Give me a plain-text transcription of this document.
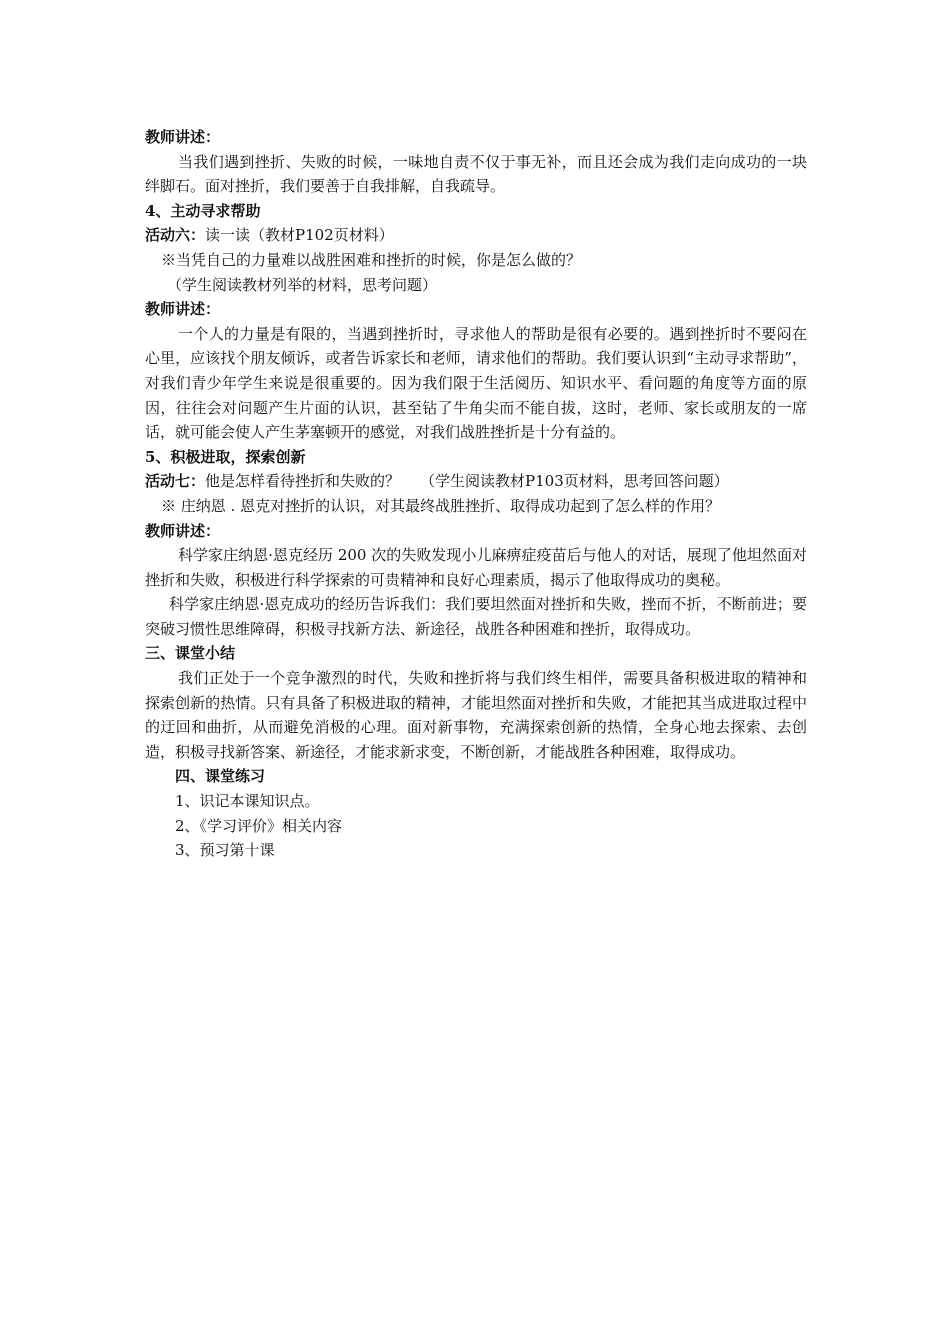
教师讲述：
当我们遇到挫折、失败的时候，一味地自责不仅于事无补，而且还会成为我们走向成功的一块绊脚石。面对挫折，我们要善于自我排解，自我疏导。
4、主动寻求帮助
活动六：读一读（教材P102页材料）
※当凭自己的力量难以战胜困难和挫折的时候，你是怎么做的？
（学生阅读教材列举的材料，思考问题）
教师讲述：
一个人的力量是有限的，当遇到挫折时，寻求他人的帮助是很有必要的。遇到挫折时不要闷在心里，应该找个朋友倾诉，或者告诉家长和老师，请求他们的帮助。我们要认识到“主动寻求帮助”，对我们青少年学生来说是很重要的。因为我们限于生活阅历、知识水平、看问题的角度等方面的原因，往往会对问题产生片面的认识，甚至钻了牛角尖而不能自拔，这时，老师、家长或朋友的一席话，就可能会使人产生茅塞顿开的感觉，对我们战胜挫折是十分有益的。
5、积极进取，探索创新
活动七：他是怎样看待挫折和失败的？ （学生阅读教材P103页材料，思考回答问题）
※ 庄纳恩 . 恩克对挫折的认识，对其最终战胜挫折、取得成功起到了怎么样的作用？
教师讲述：
科学家庄纳恩·恩克经历 200 次的失败发现小儿麻痹症疫苗后与他人的对话，展现了他坦然面对挫折和失败，积极进行科学探索的可贵精神和良好心理素质，揭示了他取得成功的奥秘。
科学家庄纳恩·恩克成功的经历告诉我们：我们要坦然面对挫折和失败，挫而不折，不断前进；要突破习惯性思维障碍，积极寻找新方法、新途径，战胜各种困难和挫折，取得成功。
三、课堂小结
我们正处于一个竞争激烈的时代，失败和挫折将与我们终生相伴，需要具备积极进取的精神和探索创新的热情。只有具备了积极进取的精神，才能坦然面对挫折和失败，才能把其当成进取过程中的迂回和曲折，从而避免消极的心理。面对新事物，充满探索创新的热情，全身心地去探索、去创造，积极寻找新答案、新途径，才能求新求变，不断创新，才能战胜各种困难，取得成功。
四、课堂练习
1、识记本课知识点。
2、《学习评价》相关内容
3、预习第十课
